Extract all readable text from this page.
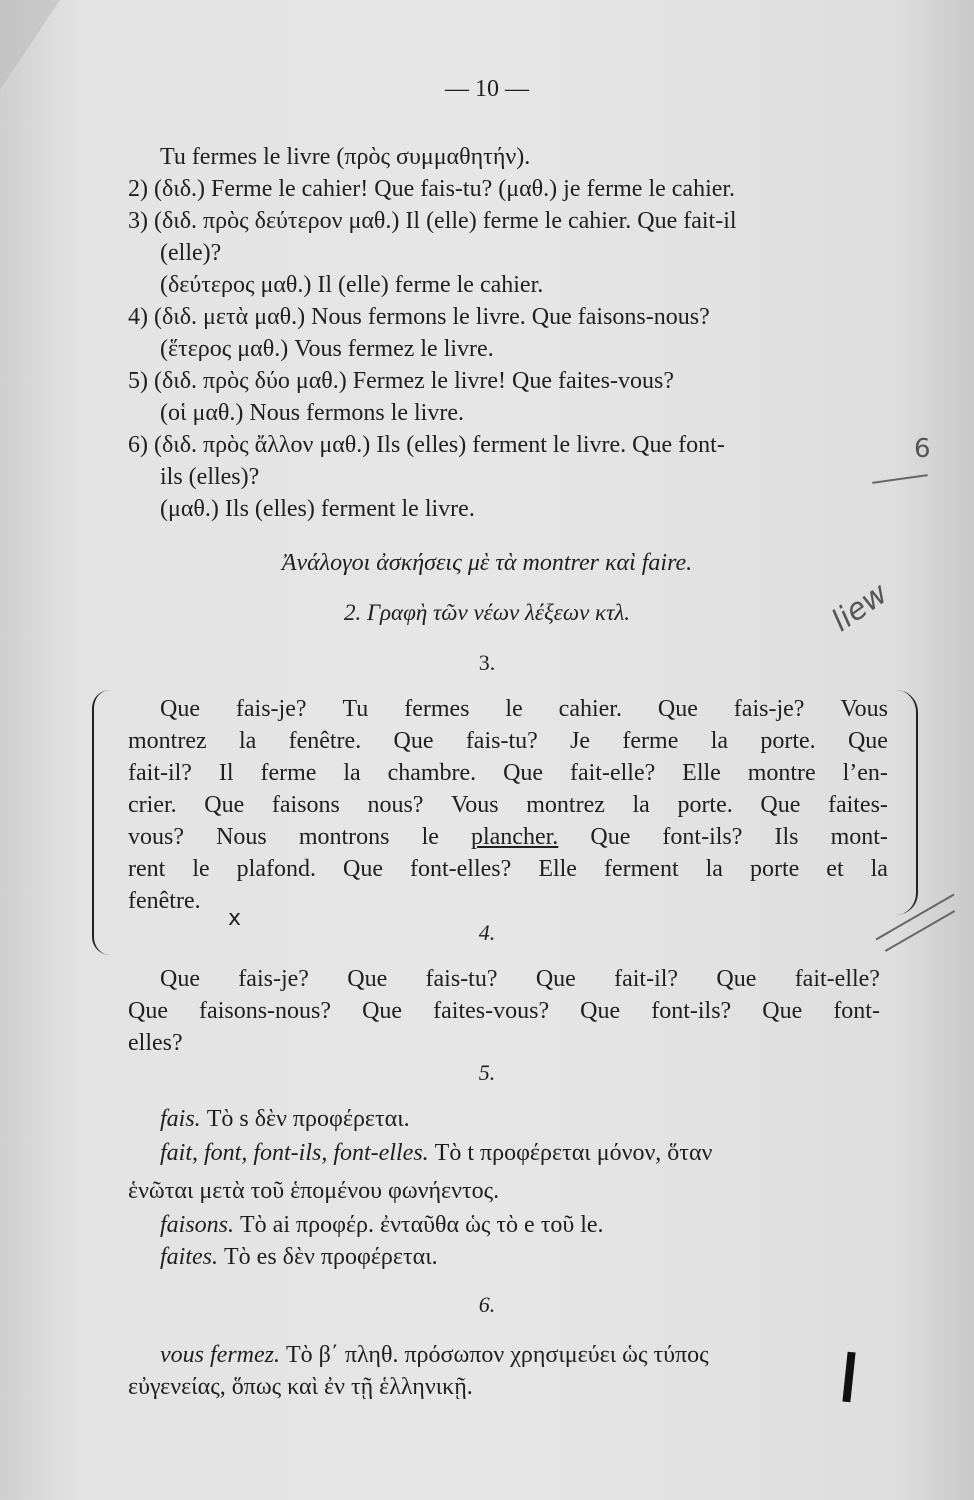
— 10 —
Tu fermes le livre (πρὸς συμμαθητήν).
2) (διδ.) Ferme le cahier! Que fais-tu? (μαθ.) je ferme le cahier.
3) (διδ. πρὸς δεύτερον μαθ.) Il (elle) ferme le cahier. Que fait-il
(elle)?
(δεύτερος μαθ.) Il (elle) ferme le cahier.
4) (διδ. μετὰ μαθ.) Nous fermons le livre. Que faisons-nous?
(ἕτερος μαθ.) Vous fermez le livre.
5) (διδ. πρὸς δύο μαθ.) Fermez le livre! Que faites-vous?
(οἱ μαθ.) Nous fermons le livre.
6) (διδ. πρὸς ἄλλον μαθ.) Ils (elles) ferment le livre. Que font-
ils (elles)?
(μαθ.) Ils (elles) ferment le livre.
Ἀνάλογοι ἀσκήσεις μὲ τὰ montrer καὶ faire.
2. Γραφὴ τῶν νέων λέξεων κτλ.
3.
Que fais-je? Tu fermes le cahier. Que fais-je? Vous
montrez la fenêtre. Que fais-tu? Je ferme la porte. Que
fait-il? Il ferme la chambre. Que fait-elle? Elle montre l’en-
crier. Que faisons nous? Vous montrez la porte. Que faites-
vous? Nous montrons le plancher. Que font-ils? Ils mont-
rent le plafond. Que font-elles? Elle ferment la porte et la
fenêtre.
4.
Que fais-je? Que fais-tu? Que fait-il? Que fait-elle?
Que faisons-nous? Que faites-vous? Que font-ils? Que font-
elles?
5.
fais. Τὸ s δὲν προφέρεται.
fait, font, font-ils, font-elles. Τὸ t προφέρεται μόνον, ὅταν
ἑνῶται μετὰ τοῦ ἑπομένου φωνήεντος.
faisons. Τὸ ai προφέρ. ἐνταῦθα ὡς τὸ e τοῦ le.
faites. Τὸ es δὲν προφέρεται.
6.
vous fermez. Τὸ β΄ πληθ. πρόσωπον χρησιμεύει ὡς τύπος
εὐγενείας, ὅπως καὶ ἐν τῇ ἑλληνικῇ.
6
liew
x
